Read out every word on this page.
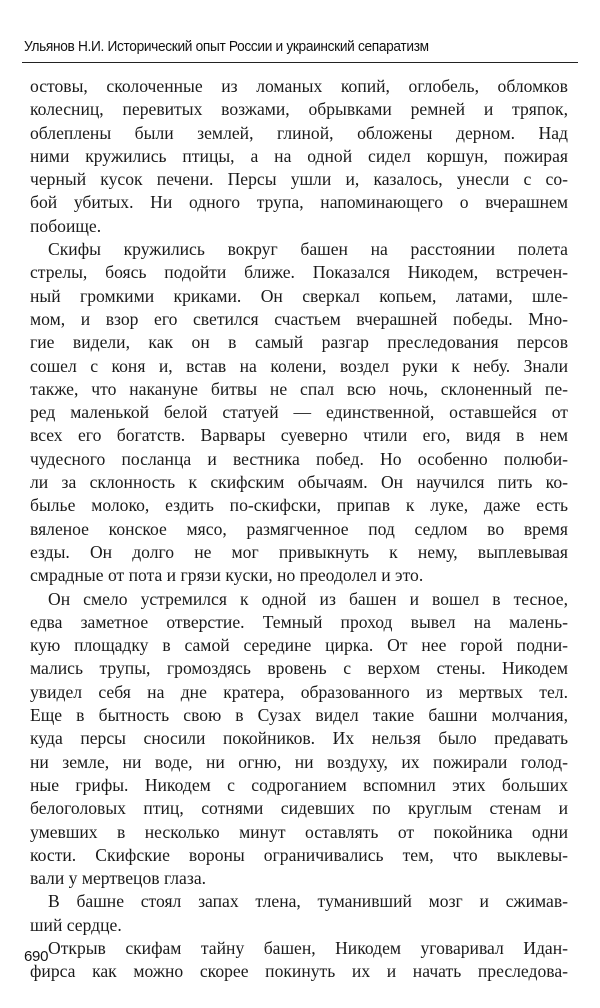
Ульянов Н.И. Исторический опыт России и украинский сепаратизм
остовы, сколоченные из ломаных копий, оглобель, обломков
колесниц, перевитых возжами, обрывками ремней и тряпок,
облеплены были землей, глиной, обложены дерном. Над
ними кружились птицы, а на одной сидел коршун, пожирая
черный кусок печени. Персы ушли и, казалось, унесли с со-
бой убитых. Ни одного трупа, напоминающего о вчерашнем
побоище.
Скифы кружились вокруг башен на расстоянии полета
стрелы, боясь подойти ближе. Показался Никодем, встречен-
ный громкими криками. Он сверкал копьем, латами, шле-
мом, и взор его светился счастьем вчерашней победы. Мно-
гие видели, как он в самый разгар преследования персов
сошел с коня и, встав на колени, воздел руки к небу. Знали
также, что накануне битвы не спал всю ночь, склоненный пе-
ред маленькой белой статуей — единственной, оставшейся от
всех его богатств. Варвары суеверно чтили его, видя в нем
чудесного посланца и вестника побед. Но особенно полюби-
ли за склонность к скифским обычаям. Он научился пить ко-
былье молоко, ездить по-скифски, припав к луке, даже есть
вяленое конское мясо, размягченное под седлом во время
езды. Он долго не мог привыкнуть к нему, выплевывая
смрадные от пота и грязи куски, но преодолел и это.
Он смело устремился к одной из башен и вошел в тесное,
едва заметное отверстие. Темный проход вывел на малень-
кую площадку в самой середине цирка. От нее горой подни-
мались трупы, громоздясь вровень с верхом стены. Никодем
увидел себя на дне кратера, образованного из мертвых тел.
Еще в бытность свою в Сузах видел такие башни молчания,
куда персы сносили покойников. Их нельзя было предавать
ни земле, ни воде, ни огню, ни воздуху, их пожирали голод-
ные грифы. Никодем с содроганием вспомнил этих больших
белоголовых птиц, сотнями сидевших по круглым стенам и
умевших в несколько минут оставлять от покойника одни
кости. Скифские вороны ограничивались тем, что выклевы-
вали у мертвецов глаза.
В башне стоял запах тлена, туманивший мозг и сжимав-
ший сердце.
Открыв скифам тайну башен, Никодем уговаривал Идан-
фирса как можно скорее покинуть их и начать преследова-
690
